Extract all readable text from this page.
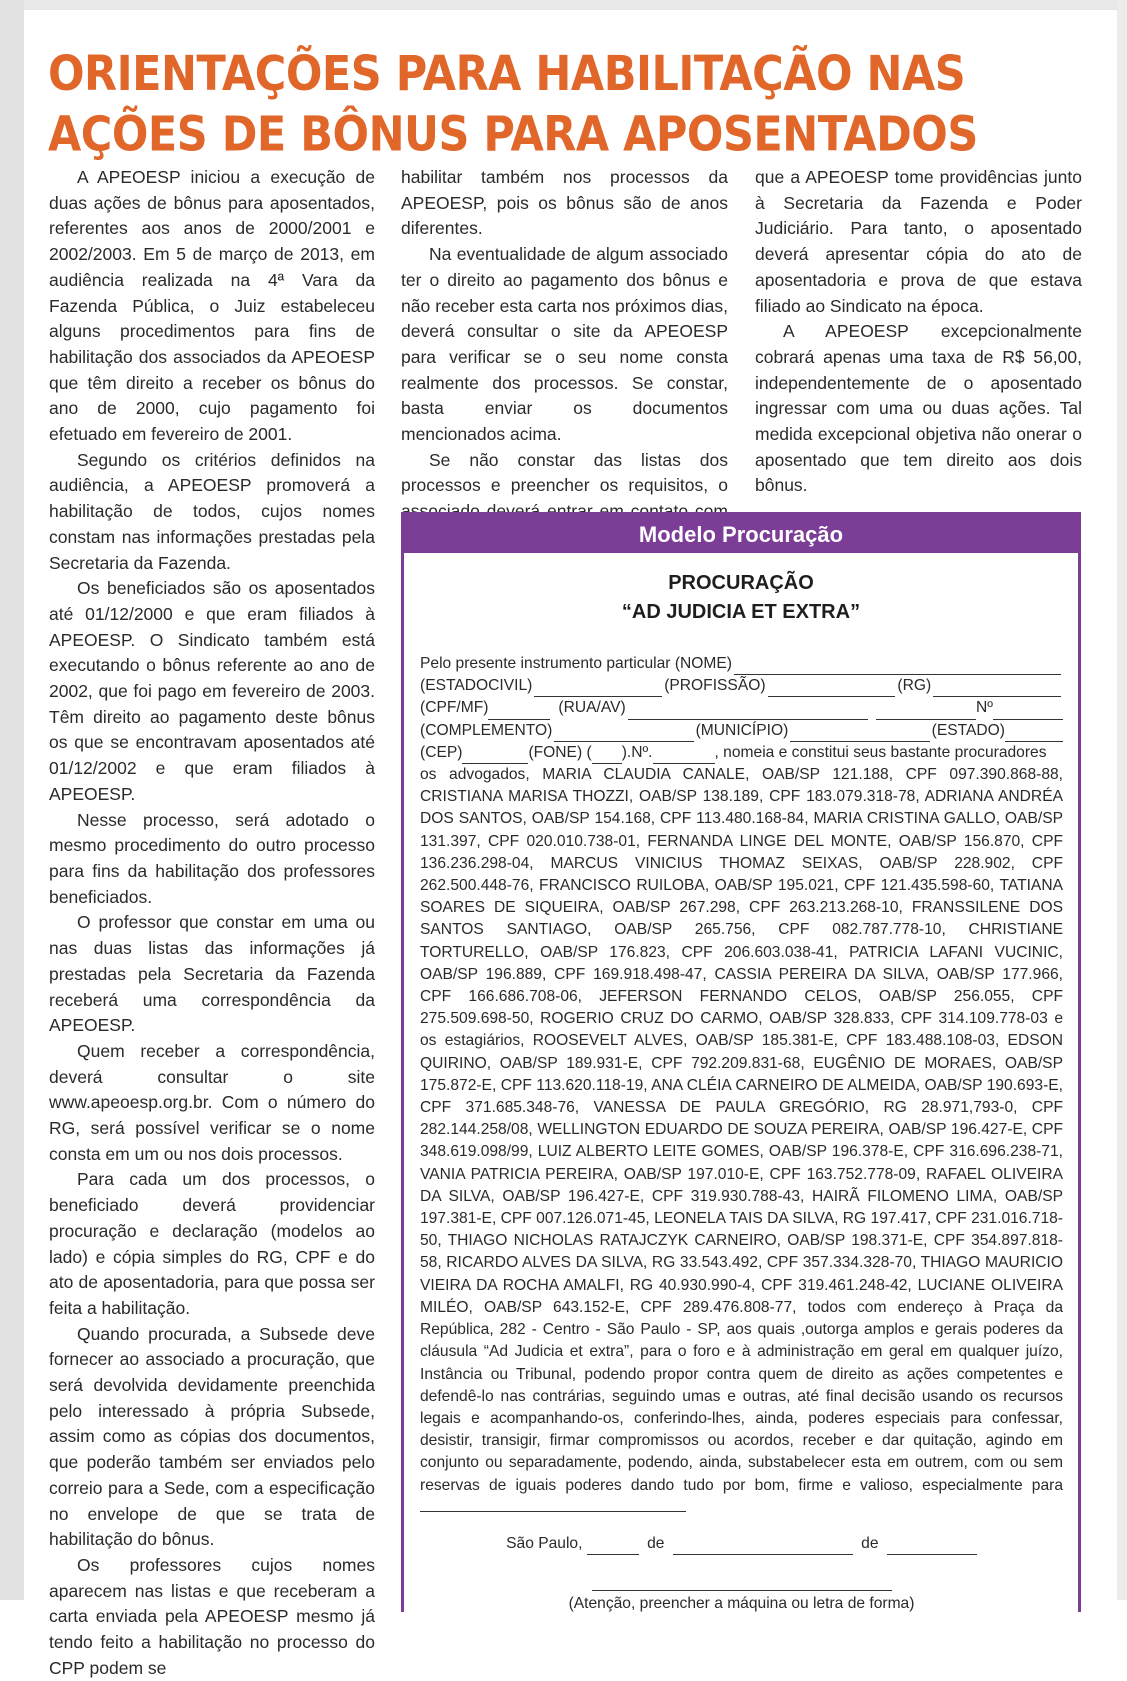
ORIENTAÇÕES PARA HABILITAÇÃO NAS
AÇÕES DE BÔNUS PARA APOSENTADOS

A APEOESP iniciou a execução de duas ações de bônus para aposentados, referentes aos anos de 2000/2001 e 2002/2003. Em 5 de março de 2013, em audiência realizada na 4ª Vara da Fazenda Pública, o Juiz estabeleceu alguns procedimentos para fins de habilitação dos associados da APEOESP que têm direito a receber os bônus do ano de 2000, cujo pagamento foi efetuado em fevereiro de 2001.

Segundo os critérios definidos na audiência, a APEOESP promoverá a habilitação de todos, cujos nomes constam nas informações prestadas pela Secretaria da Fazenda.

Os beneficiados são os aposentados até 01/12/2000 e que eram filiados à APEOESP. O Sindicato também está executando o bônus referente ao ano de 2002, que foi pago em fevereiro de 2003. Têm direito ao pagamento deste bônus os que se encontravam aposentados até 01/12/2002 e que eram filiados à APEOESP.

Nesse processo, será adotado o mesmo procedimento do outro processo para fins da habilitação dos professores beneficiados.

O professor que constar em uma ou nas duas listas das informações já prestadas pela Secretaria da Fazenda receberá uma correspondência da APEOESP.

Quem receber a correspondência, deverá consultar o site www.apeoesp.org.br. Com o número do RG, será possível verificar se o nome consta em um ou nos dois processos.

Para cada um dos processos, o beneficiado deverá providenciar procuração e declaração (modelos ao lado) e cópia simples do RG, CPF e do ato de aposentadoria, para que possa ser feita a habilitação.

Quando procurada, a Subsede deve fornecer ao associado a procuração, que será devolvida devidamente preenchida pelo interessado à própria Subsede, assim como as cópias dos documentos, que poderão também ser enviados pelo correio para a Sede, com a especificação no envelope de que se trata de habilitação do bônus.

Os professores cujos nomes aparecem nas listas e que receberam a carta enviada pela APEOESP mesmo já tendo feito a habilitação no processo do CPP podem se

habilitar também nos processos da APEOESP, pois os bônus são de anos diferentes.

Na eventualidade de algum associado ter o direito ao pagamento dos bônus e não receber esta carta nos próximos dias, deverá consultar o site da APEOESP para verificar se o seu nome consta realmente dos processos. Se constar, basta enviar os documentos mencionados acima.

Se não constar das listas dos processos e preencher os requisitos, o

que a APEOESP tome providências junto à Secretaria da Fazenda e Poder Judiciário. Para tanto, o aposentado deverá apresentar cópia do ato de aposentadoria e prova de que estava filiado ao Sindicato na época.

A APEOESP excepcionalmente cobrará apenas uma taxa de R$ 56,00, independentemente de o aposentado ingressar com uma ou duas ações. Tal medida excepcional objetiva não onerar o aposentado que tem direito aos dois bônus.

Modelo Procuração
PROCURAÇÃO
“AD JUDICIA ET EXTRA”
Pelo presente instrumento particular (NOME)
(ESTADOCIVIL)	(PROFISSÃO)	(RG)
(CPF/MF)	(RUA/AV)	Nº
(COMPLEMENTO)	(MUNICÍPIO)	(ESTADO)
(CEP)	(FONE) ( ).Nº.	, nomeia e constitui seus bastante procuradores

os advogados, MARIA CLAUDIA CANALE, OAB/SP 121.188, CPF 097.390.868-88, CRISTIANA MARISA THOZZI, OAB/SP 138.189, CPF 183.079.318-78, ADRIANA ANDRÉA DOS SANTOS, OAB/SP 154.168, CPF 113.480.168-84, MARIA CRISTINA GALLO, OAB/SP 131.397, CPF 020.010.738-01, FERNANDA LINGE DEL MONTE, OAB/SP 156.870, CPF 136.236.298-04, MARCUS VINICIUS THOMAZ SEIXAS, OAB/SP 228.902, CPF 262.500.448-76, FRANCISCO RUILOBA, OAB/SP 195.021, CPF 121.435.598-60, TATIANA SOARES DE SIQUEIRA, OAB/SP 267.298, CPF 263.213.268-10, FRANSSILENE DOS SANTOS SANTIAGO, OAB/SP 265.756, CPF 082.787.778-10, CHRISTIANE TORTURELLO, OAB/SP 176.823, CPF 206.603.038-41, PATRICIA LAFANI VUCINIC, OAB/SP 196.889, CPF 169.918.498-47, CASSIA PEREIRA DA SILVA, OAB/SP 177.966, CPF 166.686.708-06, JEFERSON FERNANDO CELOS, OAB/SP 256.055, CPF 275.509.698-50, ROGERIO CRUZ DO CARMO, OAB/SP 328.833, CPF 314.109.778-03 e os estagiários, ROOSEVELT ALVES, OAB/SP 185.381-E, CPF 183.488.108-03, EDSON QUIRINO, OAB/SP 189.931-E, CPF 792.209.831-68, EUGÊNIO DE MORAES, OAB/SP 175.872-E, CPF 113.620.118-19, ANA CLÉIA CARNEIRO DE ALMEIDA, OAB/SP 190.693-E, CPF 371.685.348-76, VANESSA DE PAULA GREGÓRIO, RG 28.971,793-0, CPF 282.144.258/08, WELLINGTON EDUARDO DE SOUZA PEREIRA, OAB/SP 196.427-E, CPF 348.619.098/99, LUIZ ALBERTO LEITE GOMES, OAB/SP 196.378-E, CPF 316.696.238-71, VANIA PATRICIA PEREIRA, OAB/SP 197.010-E, CPF 163.752.778-09, RAFAEL OLIVEIRA DA SILVA, OAB/SP 196.427-E, CPF 319.930.788-43, HAIRÃ FILOMENO LIMA, OAB/SP 197.381-E, CPF 007.126.071-45, LEONELA TAIS DA SILVA, RG 197.417, CPF 231.016.718-50, THIAGO NICHOLAS RATAJCZYK CARNEIRO, OAB/SP 198.371-E, CPF 354.897.818-58, RICARDO ALVES DA SILVA, RG 33.543.492, CPF 357.334.328-70, THIAGO MAURICIO VIEIRA DA ROCHA AMALFI, RG 40.930.990-4, CPF 319.461.248-42, LUCIANE OLIVEIRA MILÉO, OAB/SP 643.152-E, CPF 289.476.808-77, todos com endereço à Praça da República, 282 - Centro - São Paulo - SP, aos quais ,outorga amplos e gerais poderes da cláusula “Ad Judicia et extra”, para o foro e à administração em geral em qualquer juízo, Instância ou Tribunal, podendo propor contra quem de direito as ações competentes e defendê-lo nas contrárias, seguindo umas e outras, até final decisão usando os recursos legais e acompanhando-os, conferindo-lhes, ainda, poderes especiais para confessar, desistir, transigir, firmar compromissos ou acordos, receber e dar quitação, agindo em conjunto ou separadamente, podendo, ainda, substabelecer esta em outrem, com ou sem reservas de iguais poderes dando tudo por bom, firme e valioso, especialmente para

São Paulo,	de	de
(Atenção, preencher a máquina ou letra de forma)
